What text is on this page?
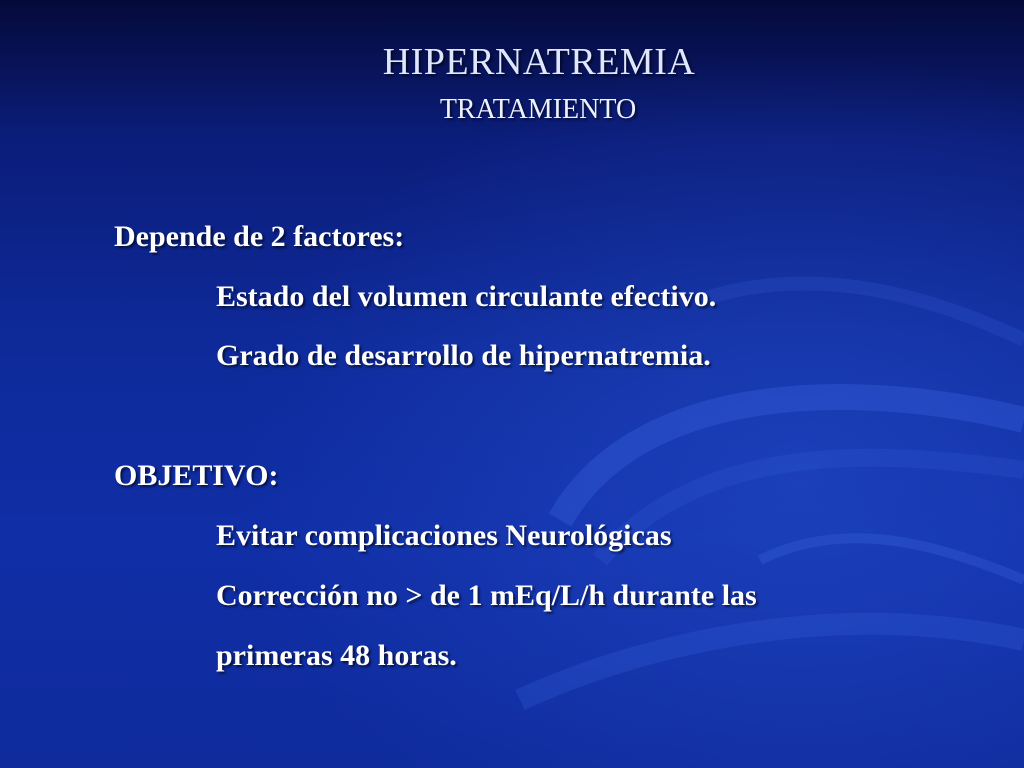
HIPERNATREMIA
TRATAMIENTO
Depende de 2 factores:
Estado del volumen circulante efectivo.
Grado de desarrollo de hipernatremia.
OBJETIVO:
Evitar complicaciones Neurológicas
Corrección no > de 1 mEq/L/h durante las
primeras 48 horas.
